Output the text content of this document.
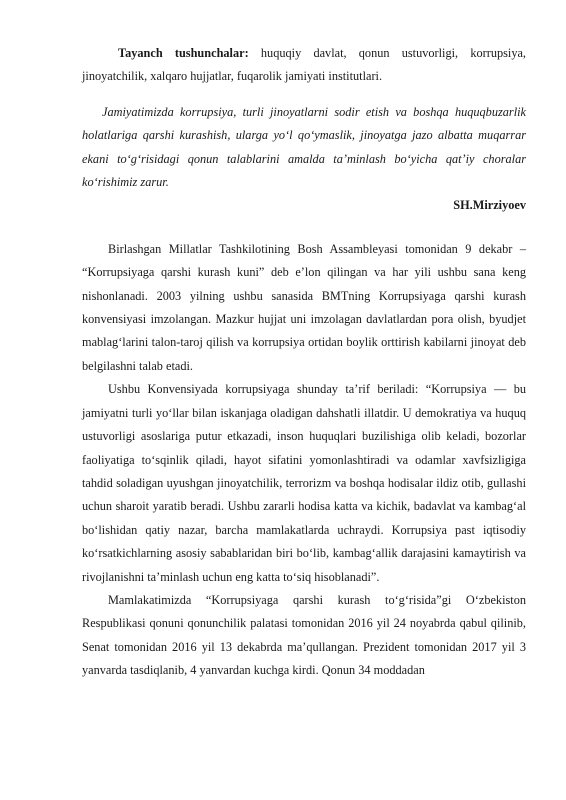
Tayanch tushunchalar: huquqiy davlat, qonun ustuvorligi, korrupsiya, jinoyatchilik, xalqaro hujjatlar, fuqarolik jamiyati institutlari.

Jamiyatimizda korrupsiya, turli jinoyatlarni sodir etish va boshqa huquqbuzarlik holatlariga qarshi kurashish, ularga yo‘l qo‘ymaslik, jinoyatga jazo albatta muqarrar ekani to‘g‘risidagi qonun talablarini amalda ta’minlash bo‘yicha qat’iy choralar ko‘rishimiz zarur.

SH.Mirziyoev

Birlashgan Millatlar Tashkilotining Bosh Assambleyasi tomonidan 9 dekabr – “Korrupsiyaga qarshi kurash kuni” deb e’lon qilingan va har yili ushbu sana keng nishonlanadi. 2003 yilning ushbu sanasida BMTning Korrupsiyaga qarshi kurash konvensiyasi imzolangan. Mazkur hujjat uni imzolagan davlatlardan pora olish, byudjet mablag‘larini talon-taroj qilish va korrupsiya ortidan boylik orttirish kabilarni jinoyat deb belgilashni talab etadi.

Ushbu Konvensiyada korrupsiyaga shunday ta’rif beriladi: “Korrupsiya — bu jamiyatni turli yo‘llar bilan iskanjaga oladigan dahshatli illatdir. U demokratiya va huquq ustuvorligi asoslariga putur etkazadi, inson huquqlari buzilishiga olib keladi, bozorlar faoliyatiga to‘sqinlik qiladi, hayot sifatini yomonlashtiradi va odamlar xavfsizligiga tahdid soladigan uyushgan jinoyatchilik, terrorizm va boshqa hodisalar ildiz otib, gullashi uchun sharoit yaratib beradi. Ushbu zararli hodisa katta va kichik, badavlat va kambag‘al bo‘lishidan qatiy nazar, barcha mamlakatlarda uchraydi. Korrupsiya past iqtisodiy ko‘rsatkichlarning asosiy sabablaridan biri bo‘lib, kambag‘allik darajasini kamaytirish va rivojlanishni ta’minlash uchun eng katta to‘siq hisoblanadi”.

Mamlakatimizda “Korrupsiyaga qarshi kurash to‘g‘risida”gi O‘zbekiston Respublikasi qonuni qonunchilik palatasi tomonidan 2016 yil 24 noyabrda qabul qilinib, Senat tomonidan 2016 yil 13 dekabrda ma’qullangan. Prezident tomonidan 2017 yil 3 yanvarda tasdiqlanib, 4 yanvardan kuchga kirdi. Qonun 34 moddadan
